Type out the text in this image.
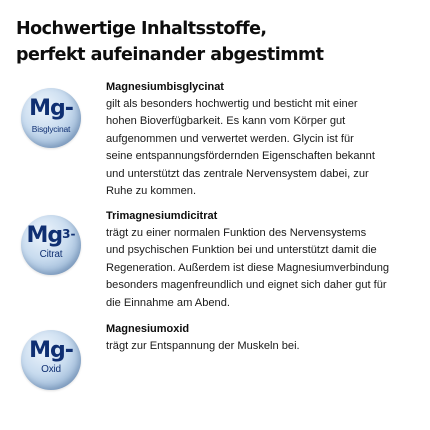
Hochwertige Inhaltsstoffe,
perfekt aufeinander abgestimmt
Mg-
Bisglycinat
Magnesiumbisglycinat
gilt als besonders hochwertig und besticht mit einer
hohen Bioverfügbarkeit. Es kann vom Körper gut
aufgenommen und verwertet werden. Glycin ist für
seine entspannungsfördernden Eigenschaften bekannt
und unterstützt das zentrale Nervensystem dabei, zur
Ruhe zu kommen.
$Mg^{3-}$
Citrat
Trimagnesiumdicitrat
trägt zu einer normalen Funktion des Nervensystems
und psychischen Funktion bei und unterstützt damit die
Regeneration. Außerdem ist diese Magnesiumverbindung
besonders magenfreundlich und eignet sich daher gut für
die Einnahme am Abend.
Mg-
Oxid
Magnesiumoxid
trägt zur Entspannung der Muskeln bei.
